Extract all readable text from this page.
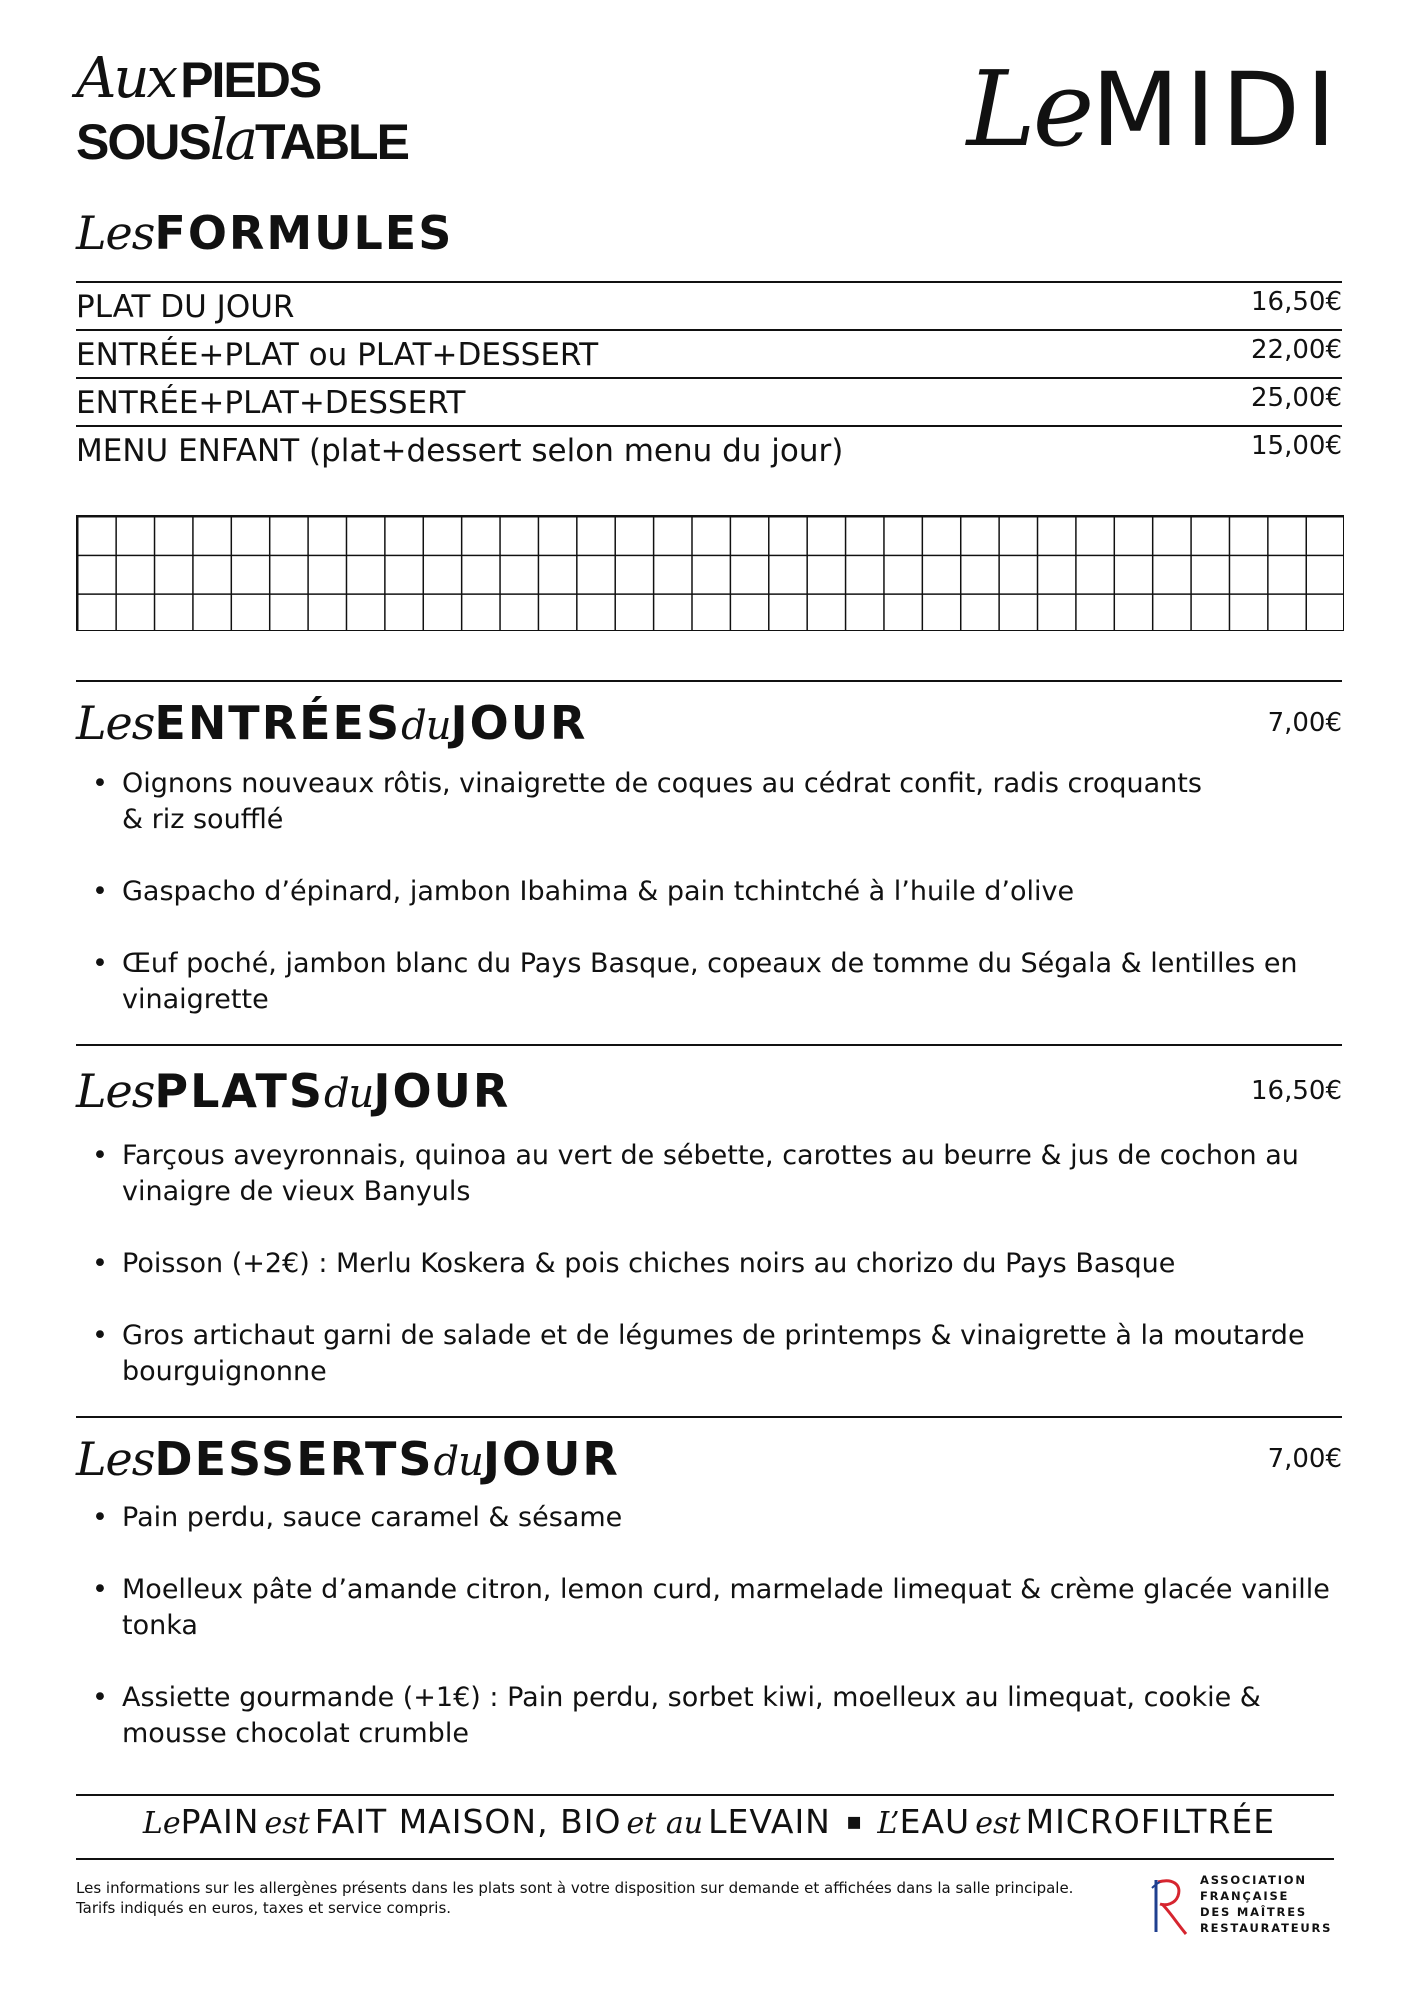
Aux PIEDS
SOUSlaTABLE	LeMIDI
LesFORMULES
PLAT DU JOUR	16,50€
ENTRÉE+PLAT ou PLAT+DESSERT	22,00€
ENTRÉE+PLAT+DESSERT	25,00€
MENU ENFANT (plat+dessert selon menu du jour)	15,00€
LesENTRÉESduJOUR	7,00€
• Oignons nouveaux rôtis, vinaigrette de coques au cédrat confit, radis croquants & riz soufflé
• Gaspacho d’épinard, jambon Ibahima & pain tchintché à l’huile d’olive
• Œuf poché, jambon blanc du Pays Basque, copeaux de tomme du Ségala & lentilles en vinaigrette
LesPLATSduJOUR	16,50€
• Farçous aveyronnais, quinoa au vert de sébette, carottes au beurre & jus de cochon au vinaigre de vieux Banyuls
• Poisson (+2€) : Merlu Koskera & pois chiches noirs au chorizo du Pays Basque
• Gros artichaut garni de salade et de légumes de printemps & vinaigrette à la moutarde bourguignonne
LesDESSERTSduJOUR	7,00€
• Pain perdu, sauce caramel & sésame
• Moelleux pâte d’amande citron, lemon curd, marmelade limequat & crème glacée vanille tonka
• Assiette gourmande (+1€) : Pain perdu, sorbet kiwi, moelleux au limequat, cookie & mousse chocolat crumble
LePAIN est FAIT MAISON, BIO et au LEVAIN ▪ L’EAU est MICROFILTRÉE
Les informations sur les allergènes présents dans les plats sont à votre disposition sur demande et affichées dans la salle principale.
Tarifs indiqués en euros, taxes et service compris.
ASSOCIATION
FRANÇAISE
DES MAÎTRES
RESTAURATEURS
